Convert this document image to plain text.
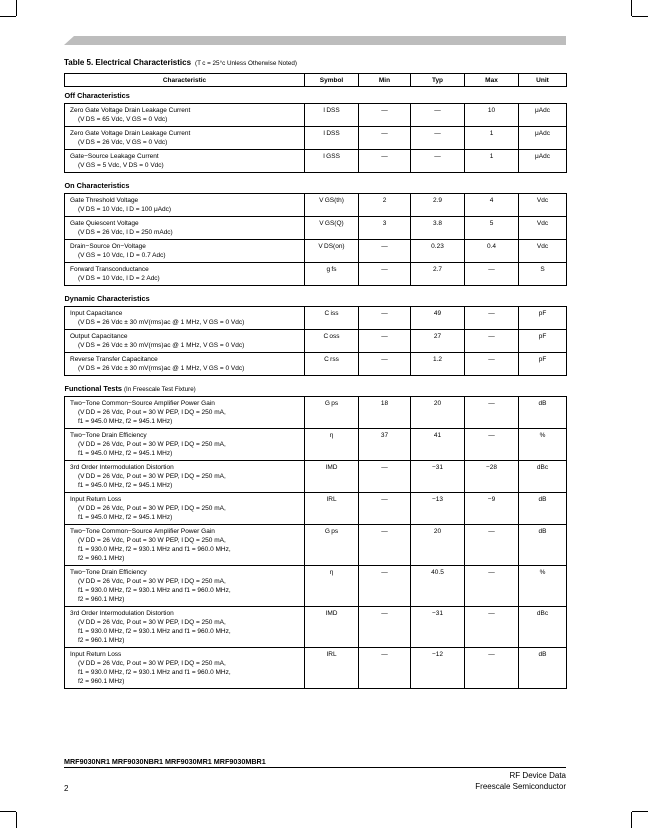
Table 5. Electrical Characteristics (T c = 25°c Unless Otherwise Noted)
Characteristic	Symbol	Min	Typ	Max	Unit
Off Characteristics					

Zero Gate Voltage Drain Leakage Current
(V DS = 65 Vdc, V GS = 0 Vdc)	I DSS	—	—	10	μAdc

Zero Gate Voltage Drain Leakage Current
(V DS = 26 Vdc, V GS = 0 Vdc)	I DSS	—	—	1	μAdc

Gate−Source Leakage Current
(V GS = 5 Vdc, V DS = 0 Vdc)	I GSS	—	—	1	μAdc

On Characteristics					

Gate Threshold Voltage
(V DS = 10 Vdc, I D = 100 μAdc)	V GS(th)	2	2.9	4	Vdc

Gate Quiescent Voltage
(V DS = 26 Vdc, I D = 250 mAdc)	V GS(Q)	3	3.8	5	Vdc

Drain−Source On−Voltage
(V GS = 10 Vdc, I D = 0.7 Adc)	V DS(on)	—	0.23	0.4	Vdc

Forward Transconductance
(V DS = 10 Vdc, I D = 2 Adc)	g fs	—	2.7	—	S

Dynamic Characteristics					

Input Capacitance
(V DS = 26 Vdc ± 30 mV(rms)ac @ 1 MHz, V GS = 0 Vdc)	C iss	—	49	—	pF

Output Capacitance
(V DS = 26 Vdc ± 30 mV(rms)ac @ 1 MHz, V GS = 0 Vdc)	C oss	—	27	—	pF

Reverse Transfer Capacitance
(V DS = 26 Vdc ± 30 mV(rms)ac @ 1 MHz, V GS = 0 Vdc)	C rss	—	1.2	—	pF

Functional Tests (In Freescale Test Fixture)					

Two−Tone Common−Source Amplifier Power Gain
(V DD = 26 Vdc, P out = 30 W PEP, I DQ = 250 mA,
f1 = 945.0 MHz, f2 = 945.1 MHz)	G ps	18	20	—	dB

Two−Tone Drain Efficiency
(V DD = 26 Vdc, P out = 30 W PEP, I DQ = 250 mA,
f1 = 945.0 MHz, f2 = 945.1 MHz)	η	37	41	—	%

3rd Order Intermodulation Distortion
(V DD = 26 Vdc, P out = 30 W PEP, I DQ = 250 mA,
f1 = 945.0 MHz, f2 = 945.1 MHz)	IMD	—	−31	−28	dBc

Input Return Loss
(V DD = 26 Vdc, P out = 30 W PEP, I DQ = 250 mA,
f1 = 945.0 MHz, f2 = 945.1 MHz)	IRL	—	−13	−9	dB

Two−Tone Common−Source Amplifier Power Gain
(V DD = 26 Vdc, P out = 30 W PEP, I DQ = 250 mA,
f1 = 930.0 MHz, f2 = 930.1 MHz and f1 = 960.0 MHz,
f2 = 960.1 MHz)	G ps	—	20	—	dB

Two−Tone Drain Efficiency
(V DD = 26 Vdc, P out = 30 W PEP, I DQ = 250 mA,
f1 = 930.0 MHz, f2 = 930.1 MHz and f1 = 960.0 MHz,
f2 = 960.1 MHz)	η	—	40.5	—	%

3rd Order Intermodulation Distortion
(V DD = 26 Vdc, P out = 30 W PEP, I DQ = 250 mA,
f1 = 930.0 MHz, f2 = 930.1 MHz and f1 = 960.0 MHz,
f2 = 960.1 MHz)	IMD	—	−31	—	dBc

Input Return Loss
(V DD = 26 Vdc, P out = 30 W PEP, I DQ = 250 mA,
f1 = 930.0 MHz, f2 = 930.1 MHz and f1 = 960.0 MHz,
f2 = 960.1 MHz)	IRL	—	−12	—	dB
MRF9030NR1 MRF9030NBR1 MRF9030MR1 MRF9030MBR1
2
RF Device Data
Freescale Semiconductor
